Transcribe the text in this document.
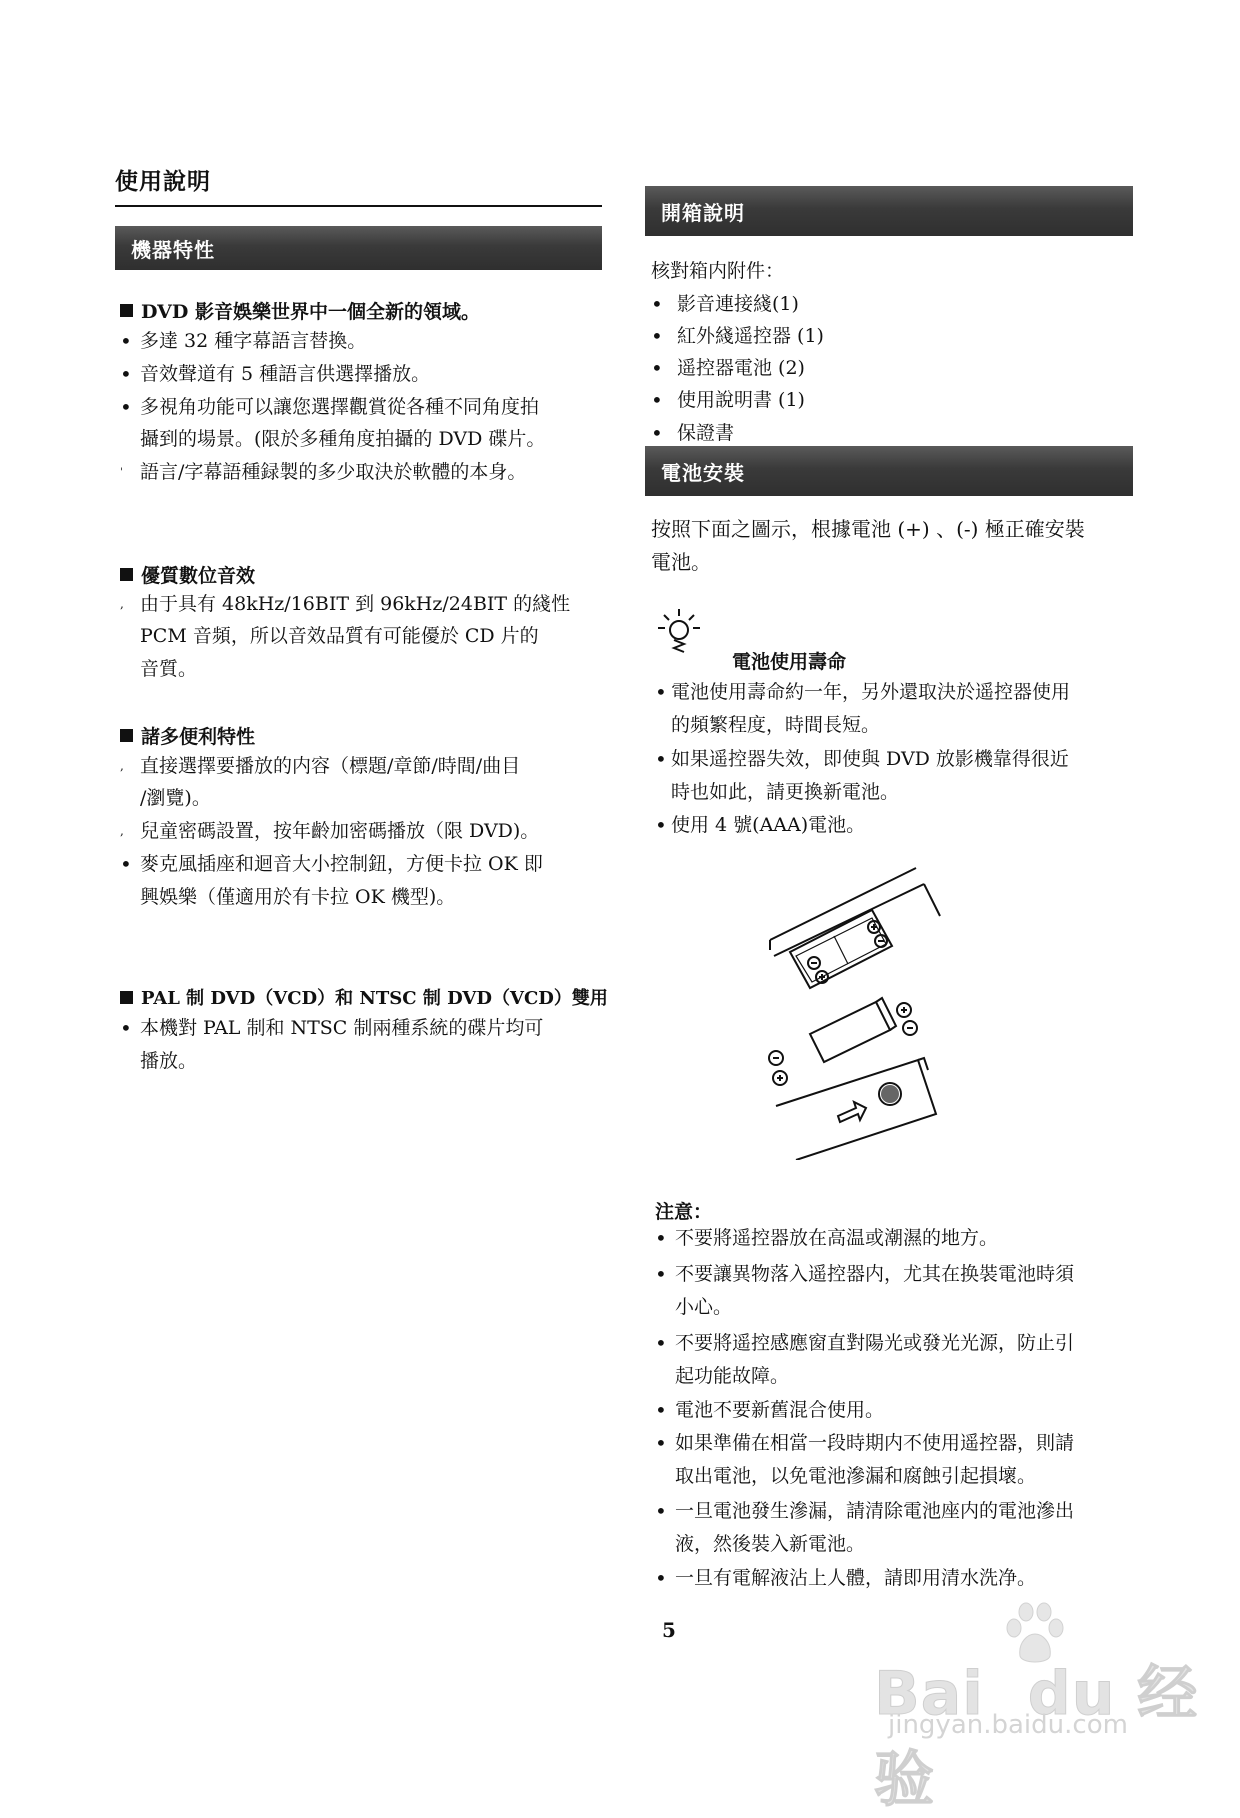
使用說明
機器特性
DVD 影音娛樂世界中一個全新的領域。
• 多達 32 種字幕語言替換。
• 音效聲道有 5 種語言供選擇播放。
• 多視角功能可以讓您選擇觀賞從各種不同角度拍
攝到的場景。(限於多種角度拍攝的 DVD 碟片。
' 語言/字幕語種録製的多少取決於軟體的本身。
優質數位音效
, 由于具有 48kHz/16BIT 到 96kHz/24BIT 的綫性
PCM 音頻，所以音效品質有可能優於 CD 片的
音質。
諸多便利特性
, 直接選擇要播放的内容（標題/章節/時間/曲目
/瀏覽)。
, 兒童密碼設置，按年齡加密碼播放（限 DVD)。
• 麥克風插座和迴音大小控制鈕，方便卡拉 OK 即
興娛樂（僅適用於有卡拉 OK 機型)。
PAL 制 DVD（VCD）和 NTSC 制 DVD（VCD）雙用
• 本機對 PAL 制和 NTSC 制兩種系統的碟片均可
播放。
開箱說明
核對箱内附件：
• 影音連接綫(1)
• 紅外綫遥控器 (1)
• 遥控器電池 (2)
• 使用說明書 (1)
• 保證書
電池安裝
按照下面之圖示，根據電池 (+) 、(-) 極正確安裝
電池。
電池使用壽命
• 電池使用壽命約一年，另外還取決於遥控器使用
的頻繁程度，時間長短。
• 如果遥控器失效，即使與 DVD 放影機靠得很近
時也如此，請更換新電池。
• 使用 4 號(AAA)電池。
注意：
• 不要將遥控器放在高温或潮濕的地方。
• 不要讓異物落入遥控器内，尤其在换裝電池時須
小心。
• 不要將遥控感應窗直對陽光或發光光源，防止引
起功能故障。
• 電池不要新舊混合使用。
• 如果準備在相當一段時期内不使用遥控器，則請
取出電池，以免電池滲漏和腐蝕引起損壞。
• 一旦電池發生滲漏，請清除電池座内的電池滲出
液，然後裝入新電池。
• 一旦有電解液沾上人體，請即用清水洗净。
5
Bai du 经验
jingyan.baidu.com
